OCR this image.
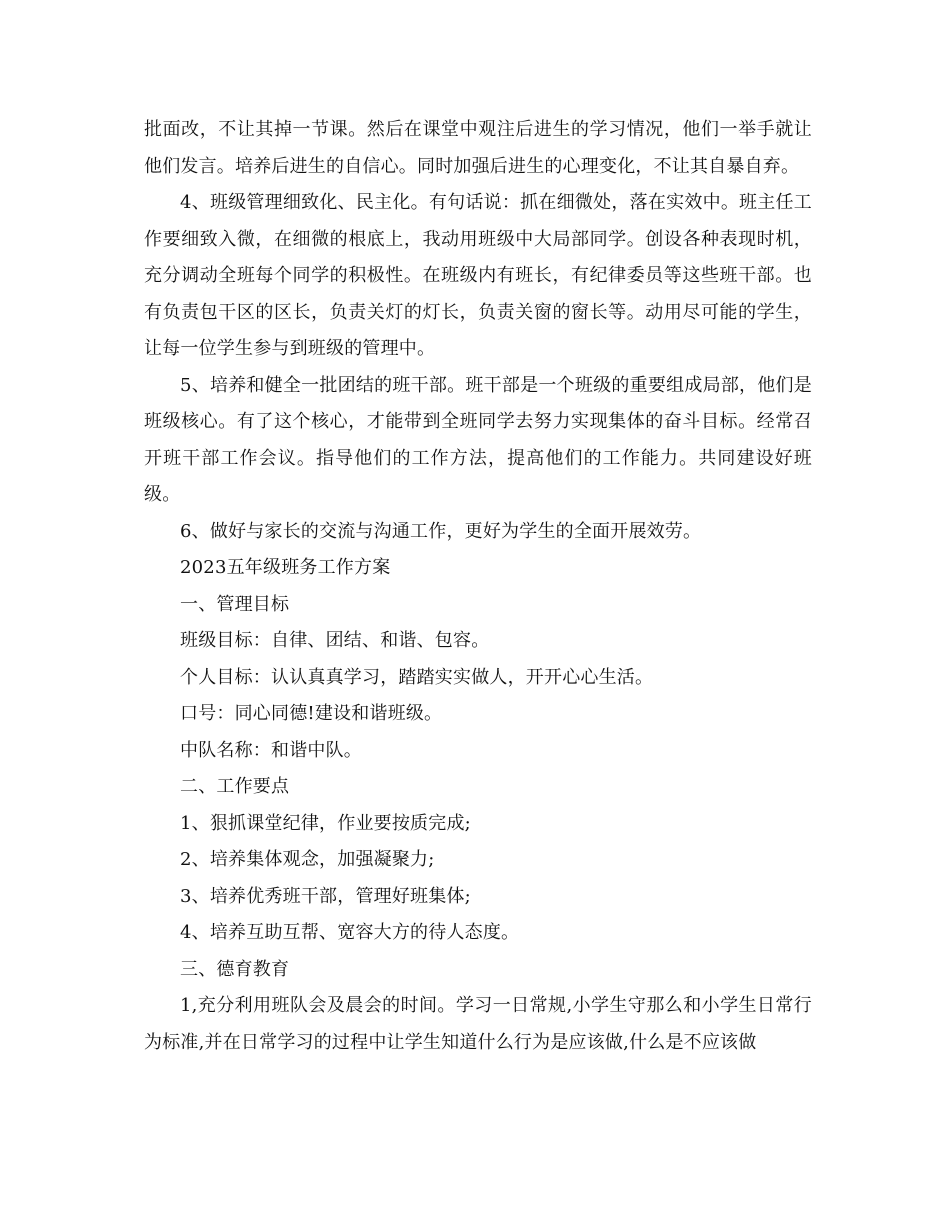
批面改，不让其掉一节课。然后在课堂中观注后进生的学习情况，他们一举手就让他们发言。培养后进生的自信心。同时加强后进生的心理变化，不让其自暴自弃。

4、班级管理细致化、民主化。有句话说：抓在细微处，落在实效中。班主任工作要细致入微，在细微的根底上，我动用班级中大局部同学。创设各种表现时机，充分调动全班每个同学的积极性。在班级内有班长，有纪律委员等这些班干部。也有负责包干区的区长，负责关灯的灯长，负责关窗的窗长等。动用尽可能的学生，让每一位学生参与到班级的管理中。

5、培养和健全一批团结的班干部。班干部是一个班级的重要组成局部，他们是班级核心。有了这个核心，才能带到全班同学去努力实现集体的奋斗目标。经常召开班干部工作会议。指导他们的工作方法，提高他们的工作能力。共同建设好班级。

6、做好与家长的交流与沟通工作，更好为学生的全面开展效劳。

2023五年级班务工作方案

一、管理目标

班级目标：自律、团结、和谐、包容。

个人目标：认认真真学习，踏踏实实做人，开开心心生活。

口号：同心同德!建设和谐班级。

中队名称：和谐中队。

二、工作要点

1、狠抓课堂纪律，作业要按质完成;

2、培养集体观念，加强凝聚力;

3、培养优秀班干部，管理好班集体;

4、培养互助互帮、宽容大方的待人态度。

三、德育教育

1,充分利用班队会及晨会的时间。学习一日常规,小学生守那么和小学生日常行为标准,并在日常学习的过程中让学生知道什么行为是应该做,什么是不应该做
